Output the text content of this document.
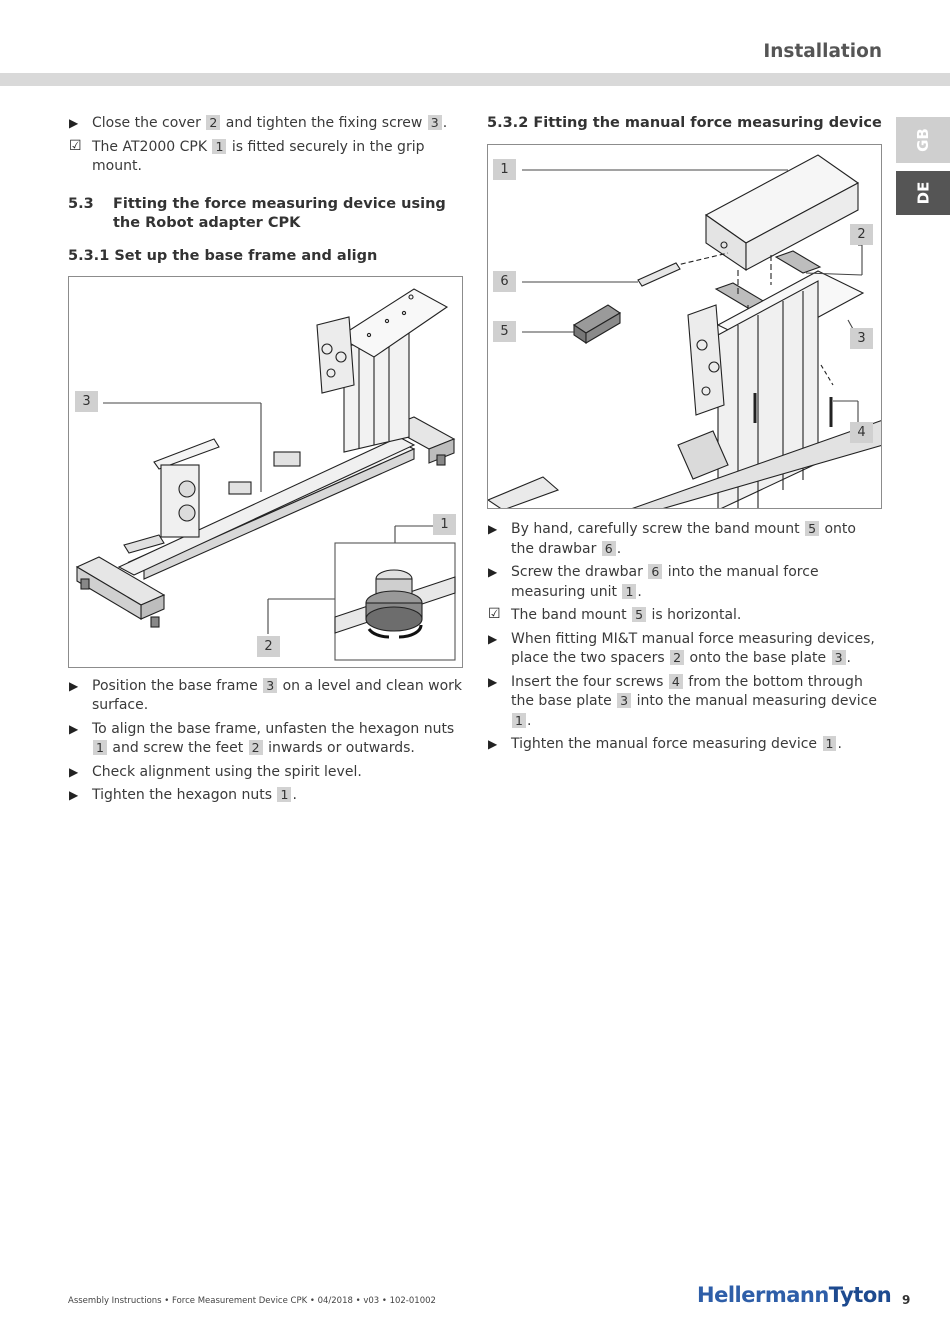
Installation
GB
DE
▶ Close the cover 2 and tighten the fixing screw 3 .
☑ The AT2000 CPK 1 is fitted securely in the grip mount.
5.3	Fitting the force measuring device using the Robot adapter CPK
5.3.1 Set up the base frame and align
3
1
2
▶ Position the base frame 3 on a level and clean work surface.
▶ To align the base frame, unfasten the hexagon nuts 1 and screw the feet 2 inwards or outwards.
▶ Check alignment using the spirit level.
▶ Tighten the hexagon nuts 1 .
5.3.2 Fitting the manual force measuring device
1
2
6
5	3
4
▶ By hand, carefully screw the band mount 5 onto the drawbar 6 .
▶ Screw the drawbar 6 into the manual force measuring unit 1 .
☑ The band mount 5 is horizontal.
▶ When fitting MI&T manual force measuring devices, place the two spacers 2 onto the base plate 3 .
▶ Insert the four screws 4 from the bottom through the base plate 3 into the manual measuring device 1 .
▶ Tighten the manual force measuring device 1 .
Assembly Instructions • Force Measurement Device CPK • 04/2018 • v03 • 102-01002	HellermannTyton 9
